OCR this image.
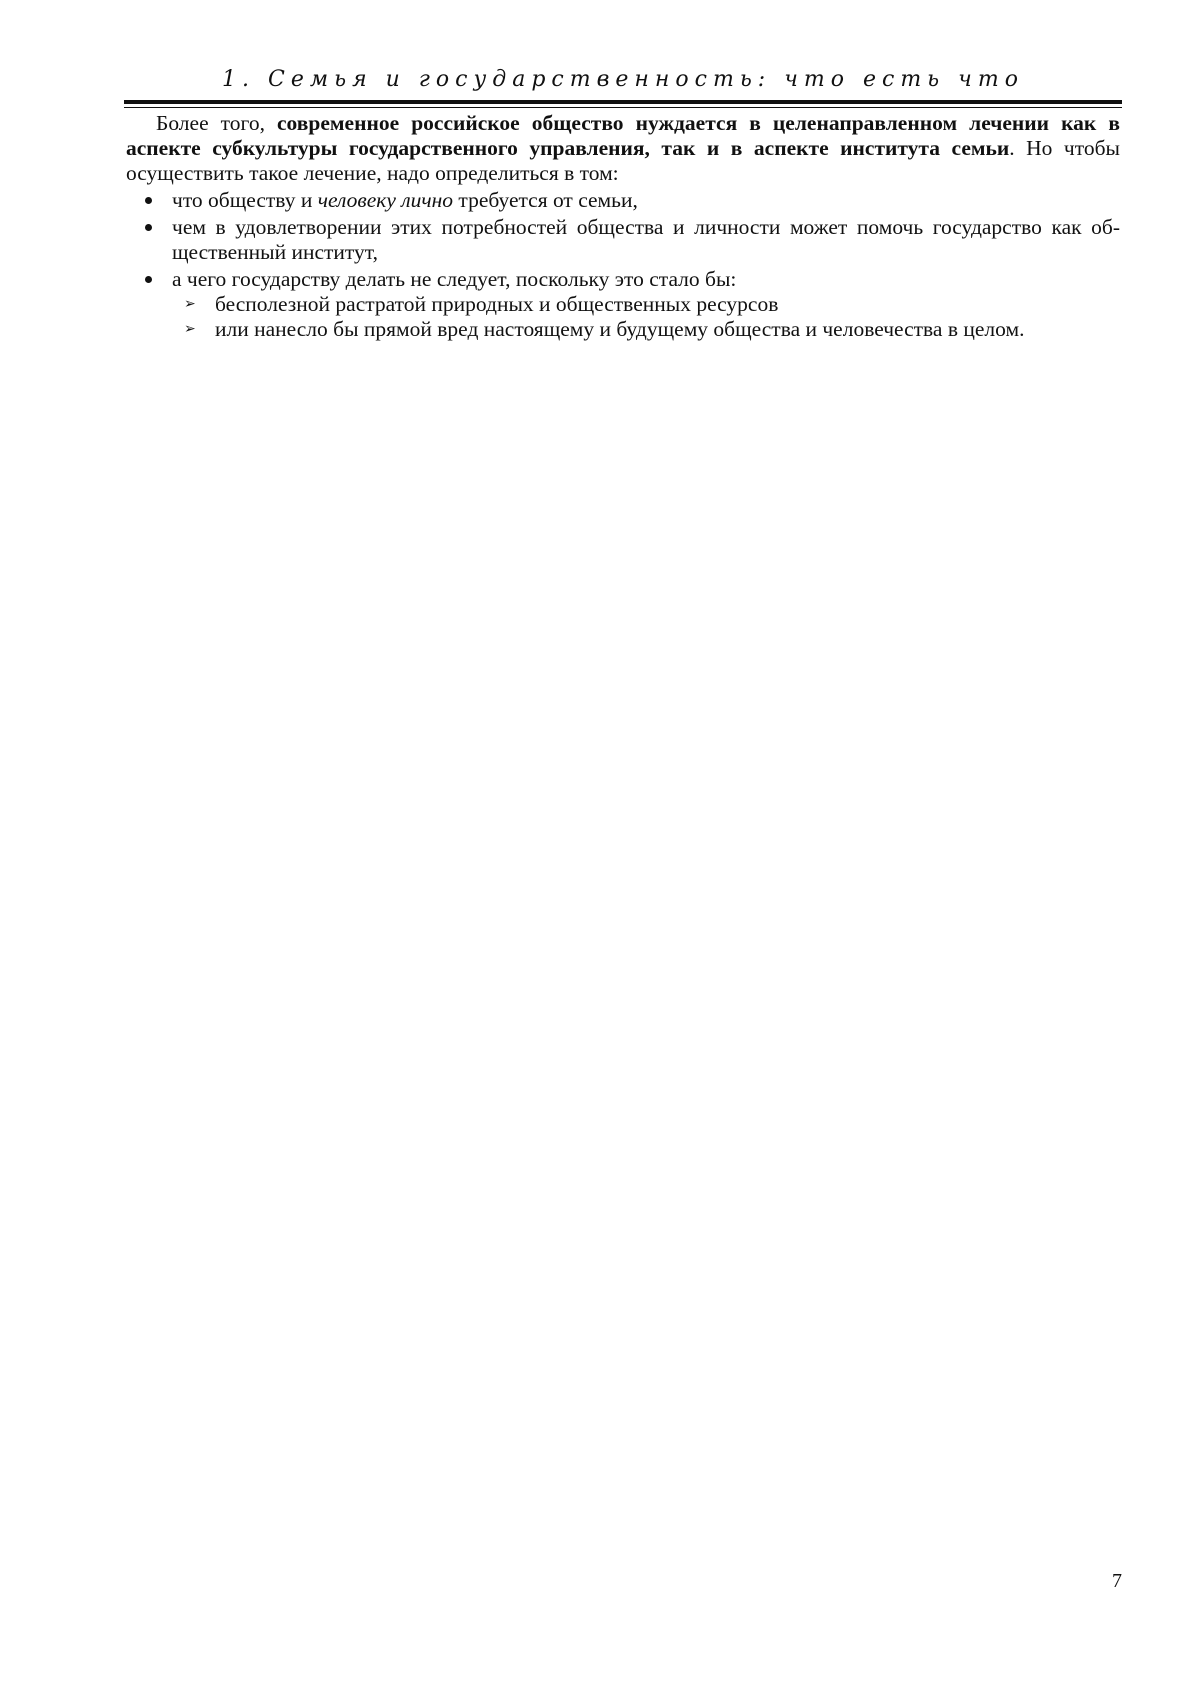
1. Семья и государственность: что есть что

Более того, современное российское общество нуждается в целенаправленном лечении как в аспекте субкультуры государственного управления, так и в аспекте института семьи. Но чтобы осуществить такое лечение, надо определиться в том:

что обществу и человеку лично требуется от семьи,
чем в удовлетворении этих потребностей общества и личности может помочь государство как об-щественный институт,
а чего государству делать не следует, поскольку это стало бы:
➢ бесполезной растратой природных и общественных ресурсов
➢ или нанесло бы прямой вред настоящему и будущему общества и человечества в целом.
7
